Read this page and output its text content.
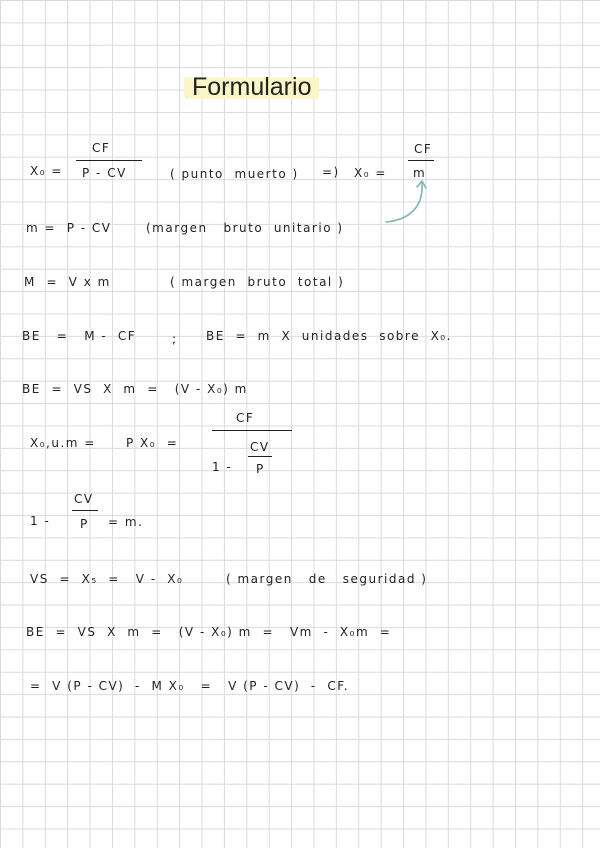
Formulario
X₀ =
CF
P - CV	( punto  muerto ) =) X₀ =
CF
m
m =  P - CV	(margen   bruto  unitario )
M  =  V x m	( margen  bruto  total )
BE   =   M -  CF	; BE  =  m  X  unidades  sobre  X₀.
BE  =  VS  X  m  =   (V - X₀) m
X₀,u.m =	P X₀  =
CF
1 -
CV
P
1 -
CV
P = m.
VS  =  X₅  =   V -  X₀	( margen   de   seguridad )
BE  =  VS  X  m  =   (V - X₀) m  =   Vm  -  X₀m  =
=  V (P - CV)  -  M X₀   =   V (P - CV)  -  CF.
